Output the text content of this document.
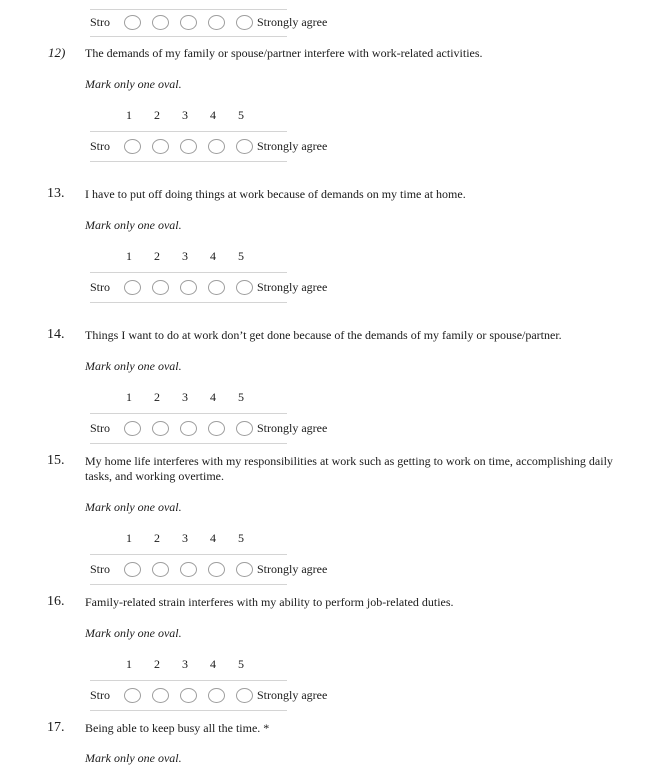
Stro	Strongly agree
12) The demands of my family or spouse/partner interfere with work-related activities.
Mark only one oval.
1	2	3	4	5
Stro	Strongly agree
13. I have to put off doing things at work because of demands on my time at home.
Mark only one oval.
1	2	3	4	5
Stro	Strongly agree
14. Things I want to do at work don’t get done because of the demands of my family or spouse/partner.
Mark only one oval.
1	2	3	4	5
Stro	Strongly agree
15. My home life interferes with my responsibilities at work such as getting to work on time, accomplishing daily tasks, and working overtime.
Mark only one oval.
1	2	3	4	5
Stro	Strongly agree
16. Family-related strain interferes with my ability to perform job-related duties.
Mark only one oval.
1	2	3	4	5
Stro	Strongly agree
17. Being able to keep busy all the time. *
Mark only one oval.
